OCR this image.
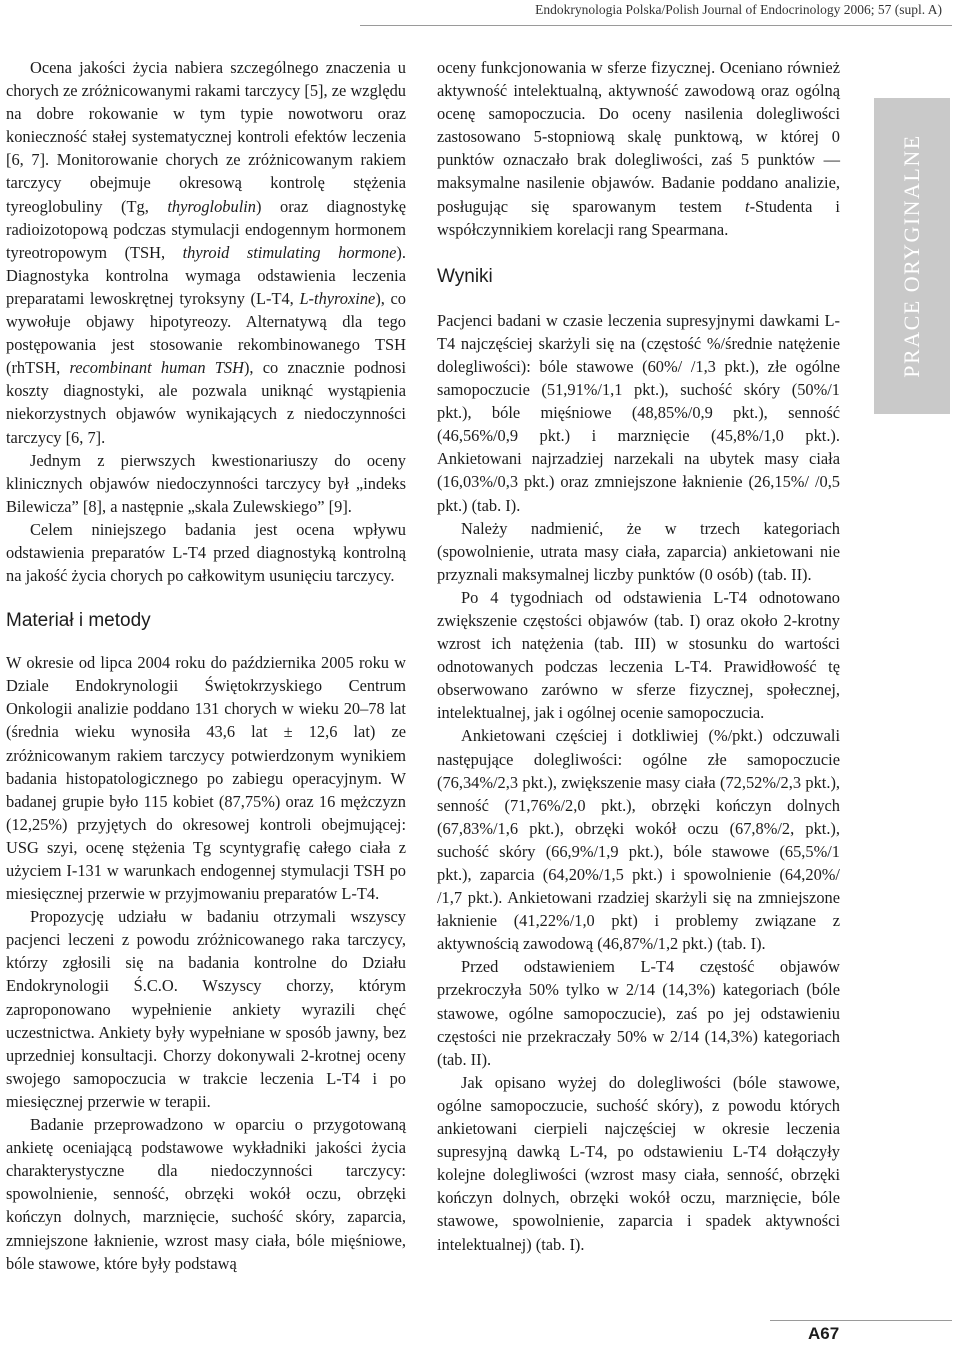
Endokrynologia Polska/Polish Journal of Endocrinology 2006; 57 (supl. A)

Ocena jakości życia nabiera szczególnego znaczenia u chorych ze zróżnicowanymi rakami tarczycy [5], ze względu na dobre rokowanie w tym typie nowotworu oraz konieczność stałej systematycznej kontroli efektów leczenia [6, 7]. Monitorowanie chorych ze zróżnicowanym rakiem tarczycy obejmuje okresową kontrolę stężenia tyreoglobuliny (Tg, thyroglobulin) oraz diagnostykę radioizotopową podczas stymulacji endogennym hormonem tyreotropowym (TSH, thyroid stimulating hormone). Diagnostyka kontrolna wymaga odstawienia leczenia preparatami lewoskrętnej tyroksyny (L-T4, L-thyroxine), co wywołuje objawy hipotyreozy. Alternatywą dla tego postępowania jest stosowanie rekombinowanego TSH (rhTSH, recombinant human TSH), co znacznie podnosi koszty diagnostyki, ale pozwala uniknąć wystąpienia niekorzystnych objawów wynikających z niedoczynności tarczycy [6, 7].

Jednym z pierwszych kwestionariuszy do oceny klinicznych objawów niedoczynności tarczycy był „indeks Bilewicza” [8], a następnie „skala Zulewskiego” [9].

Celem niniejszego badania jest ocena wpływu odstawienia preparatów L-T4 przed diagnostyką kontrolną na jakość życia chorych po całkowitym usunięciu tarczycy.

Materiał i metody

W okresie od lipca 2004 roku do października 2005 roku w Dziale Endokrynologii Świętokrzyskiego Centrum Onkologii analizie poddano 131 chorych w wieku 20–78 lat (średnia wieku wynosiła 43,6 lat ± 12,6 lat) ze zróżnicowanym rakiem tarczycy potwierdzonym wynikiem badania histopatologicznego po zabiegu operacyjnym. W badanej grupie było 115 kobiet (87,75%) oraz 16 mężczyzn (12,25%) przyjętych do okresowej kontroli obejmującej: USG szyi, ocenę stężenia Tg scyntygrafię całego ciała z użyciem I-131 w warunkach endogennej stymulacji TSH po miesięcznej przerwie w przyjmowaniu preparatów L-T4.

Propozycję udziału w badaniu otrzymali wszyscy pacjenci leczeni z powodu zróżnicowanego raka tarczycy, którzy zgłosili się na badania kontrolne do Działu Endokrynologii Ś.C.O. Wszyscy chorzy, którym zaproponowano wypełnienie ankiety wyrazili chęć uczestnictwa. Ankiety były wypełniane w sposób jawny, bez uprzedniej konsultacji. Chorzy dokonywali 2-krotnej oceny swojego samopoczucia w trakcie leczenia L-T4 i po miesięcznej przerwie w terapii.

Badanie przeprowadzono w oparciu o przygotowaną ankietę oceniającą podstawowe wykładniki jakości życia charakterystyczne dla niedoczynności tarczycy: spowolnienie, senność, obrzęki wokół oczu, obrzęki kończyn dolnych, marznięcie, suchość skóry, zaparcia, zmniejszone łaknienie, wzrost masy ciała, bóle mięśniowe, bóle stawowe, które były podstawą

oceny funkcjonowania w sferze fizycznej. Oceniano również aktywność intelektualną, aktywność zawodową oraz ogólną ocenę samopoczucia. Do oceny nasilenia dolegliwości zastosowano 5-stopniową skalę punktową, w której 0 punktów oznaczało brak dolegliwości, zaś 5 punktów — maksymalne nasilenie objawów. Badanie poddano analizie, posługując się sparowanym testem t-Studenta i współczynnikiem korelacji rang Spearmana.

Wyniki

Pacjenci badani w czasie leczenia supresyjnymi dawkami L-T4 najczęściej skarżyli się na (częstość %/średnie natężenie dolegliwości): bóle stawowe (60%/ /1,3 pkt.), złe ogólne samopoczucie (51,91%/1,1 pkt.), suchość skóry (50%/1 pkt.), bóle mięśniowe (48,85%/0,9 pkt.), senność (46,56%/0,9 pkt.) i marznięcie (45,8%/1,0 pkt.). Ankietowani najrzadziej narzekali na ubytek masy ciała (16,03%/0,3 pkt.) oraz zmniejszone łaknienie (26,15%/ /0,5 pkt.) (tab. I).

Należy nadmienić, że w trzech kategoriach (spowolnienie, utrata masy ciała, zaparcia) ankietowani nie przyznali maksymalnej liczby punktów (0 osób) (tab. II).

Po 4 tygodniach od odstawienia L-T4 odnotowano zwiększenie częstości objawów (tab. I) oraz około 2-krotny wzrost ich natężenia (tab. III) w stosunku do wartości odnotowanych podczas leczenia L-T4. Prawidłowość tę obserwowano zarówno w sferze fizycznej, społecznej, intelektualnej, jak i ogólnej ocenie samopoczucia.

Ankietowani częściej i dotkliwiej (%/pkt.) odczuwali następujące dolegliwości: ogólne złe samopoczucie (76,34%/2,3 pkt.), zwiększenie masy ciała (72,52%/2,3 pkt.), senność (71,76%/2,0 pkt.), obrzęki kończyn dolnych (67,83%/1,6 pkt.), obrzęki wokół oczu (67,8%/2, pkt.), suchość skóry (66,9%/1,9 pkt.), bóle stawowe (65,5%/1 pkt.), zaparcia (64,20%/1,5 pkt.) i spowolnienie (64,20%/ /1,7 pkt.). Ankietowani rzadziej skarżyli się na zmniejszone łaknienie (41,22%/1,0 pkt) i problemy związane z aktywnością zawodową (46,87%/1,2 pkt.) (tab. I).

Przed odstawieniem L-T4 częstość objawów przekroczyła 50% tylko w 2/14 (14,3%) kategoriach (bóle stawowe, ogólne samopoczucie), zaś po jej odstawieniu częstości nie przekraczały 50% w 2/14 (14,3%) kategoriach (tab. II).

Jak opisano wyżej do dolegliwości (bóle stawowe, ogólne samopoczucie, suchość skóry), z powodu których ankietowani cierpieli najczęściej w okresie leczenia supresyjną dawką L-T4, po odstawieniu L-T4 dołączyły kolejne dolegliwości (wzrost masy ciała, senność, obrzęki kończyn dolnych, obrzęki wokół oczu, marznięcie, bóle stawowe, spowolnienie, zaparcia i spadek aktywności intelektualnej) (tab. I).

PRACE ORYGINALNE
A67
